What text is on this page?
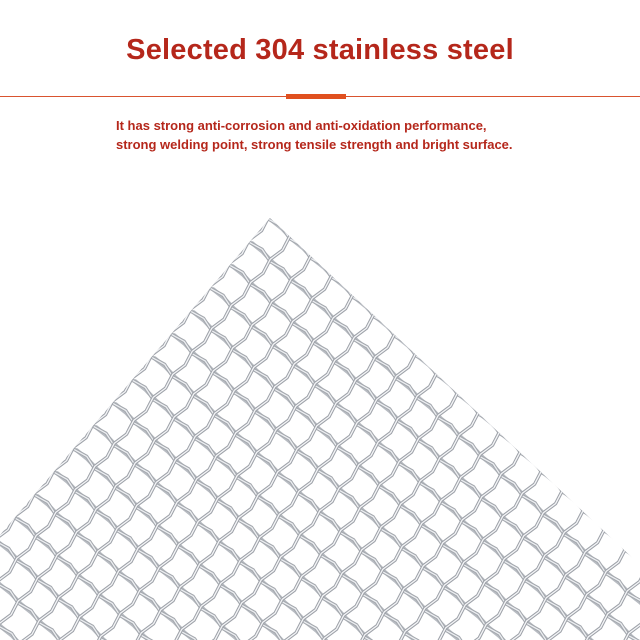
Selected 304 stainless steel
It has strong anti-corrosion and anti-oxidation performance, strong welding point, strong tensile strength and bright surface.
